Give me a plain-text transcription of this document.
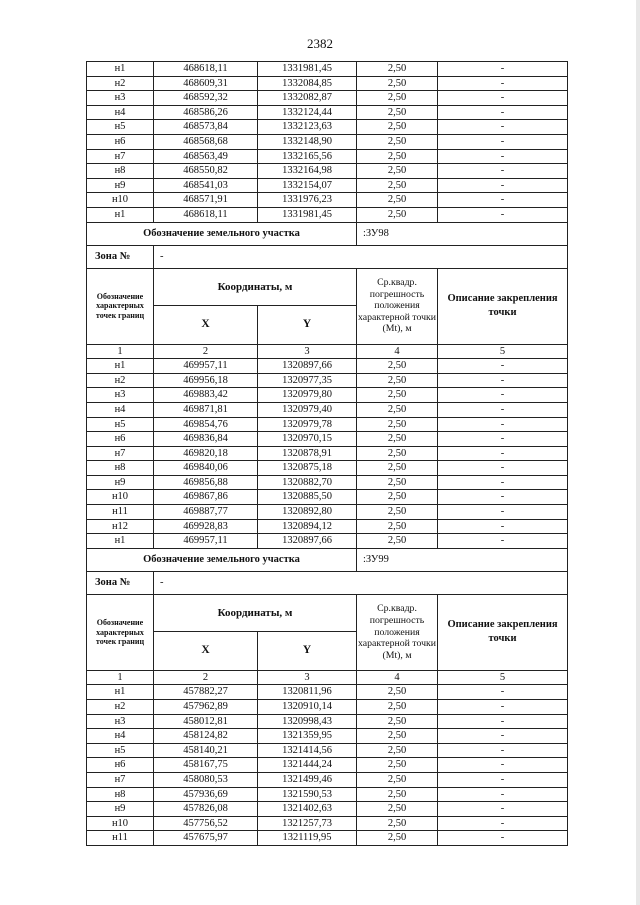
2382
н1	468618,11	1331981,45	2,50	-
н2	468609,31	1332084,85	2,50	-
н3	468592,32	1332082,87	2,50	-
н4	468586,26	1332124,44	2,50	-
н5	468573,84	1332123,63	2,50	-
н6	468568,68	1332148,90	2,50	-
н7	468563,49	1332165,56	2,50	-
н8	468550,82	1332164,98	2,50	-
н9	468541,03	1332154,07	2,50	-
н10	468571,91	1331976,23	2,50	-
н1	468618,11	1331981,45	2,50	-
Обозначение земельного участка			:ЗУ98	
Зона №	-			
Обозначение характерных точек границ	Координаты, м		Ср.квадр. погрешность положения характерной точки (Mt), м	Описание закрепления точки
	X	Y		
1	2	3	4	5
н1	469957,11	1320897,66	2,50	-
н2	469956,18	1320977,35	2,50	-
н3	469883,42	1320979,80	2,50	-
н4	469871,81	1320979,40	2,50	-
н5	469854,76	1320979,78	2,50	-
н6	469836,84	1320970,15	2,50	-
н7	469820,18	1320878,91	2,50	-
н8	469840,06	1320875,18	2,50	-
н9	469856,88	1320882,70	2,50	-
н10	469867,86	1320885,50	2,50	-
н11	469887,77	1320892,80	2,50	-
н12	469928,83	1320894,12	2,50	-
н1	469957,11	1320897,66	2,50	-
Обозначение земельного участка			:ЗУ99	
Зона №	-			
Обозначение характерных точек границ	Координаты, м		Ср.квадр. погрешность положения характерной точки (Mt), м	Описание закрепления точки
	X	Y		
1	2	3	4	5
н1	457882,27	1320811,96	2,50	-
н2	457962,89	1320910,14	2,50	-
н3	458012,81	1320998,43	2,50	-
н4	458124,82	1321359,95	2,50	-
н5	458140,21	1321414,56	2,50	-
н6	458167,75	1321444,24	2,50	-
н7	458080,53	1321499,46	2,50	-
н8	457936,69	1321590,53	2,50	-
н9	457826,08	1321402,63	2,50	-
н10	457756,52	1321257,73	2,50	-
н11	457675,97	1321119,95	2,50	-
